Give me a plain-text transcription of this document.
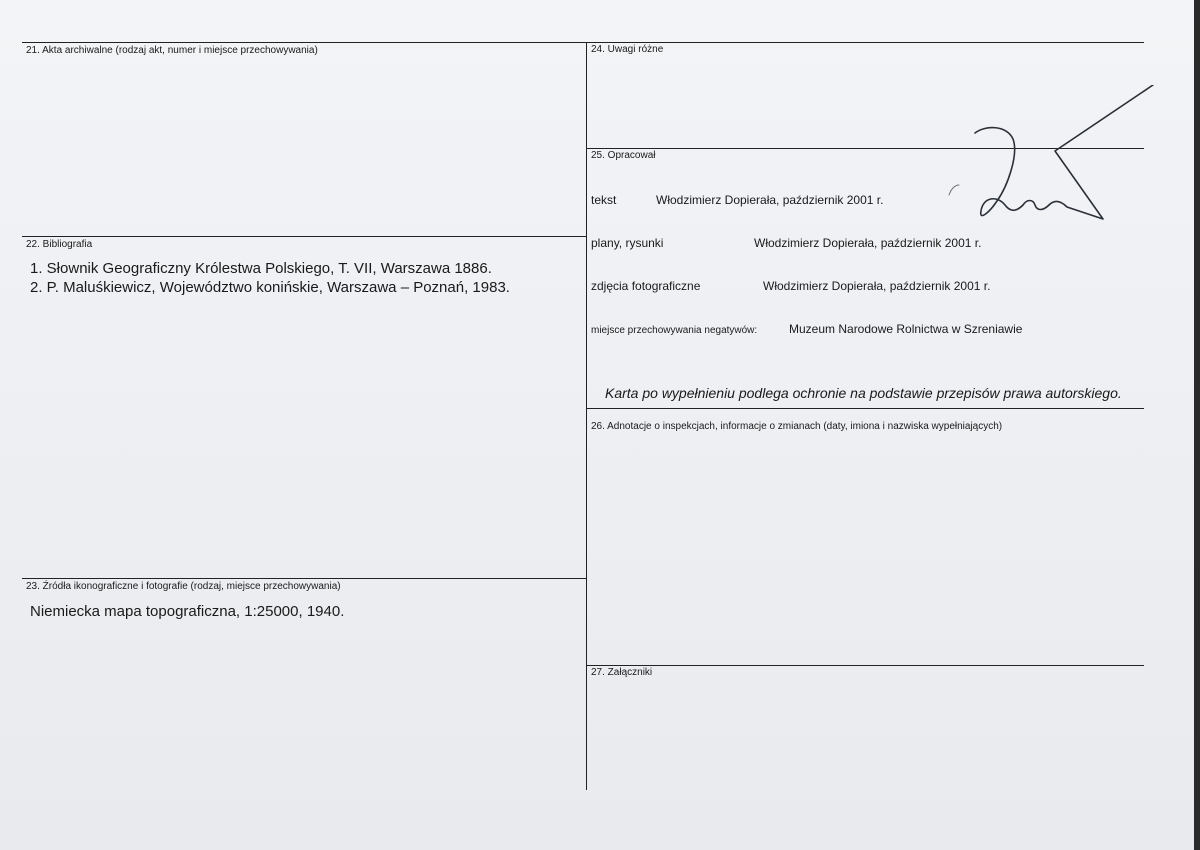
21. Akta archiwalne (rodzaj akt, numer i miejsce przechowywania)
22. Bibliografia
1. Słownik Geograficzny Królestwa Polskiego, T. VII, Warszawa 1886.
2. P. Maluśkiewicz, Województwo konińskie, Warszawa – Poznań, 1983.
23. Źródła ikonograficzne i fotografie (rodzaj, miejsce przechowywania)
Niemiecka mapa topograficzna, 1:25000, 1940.
24. Uwagi różne
25. Opracował
tekst	Włodzimierz Dopierała, październik 2001 r.
plany, rysunki	Włodzimierz Dopierała, październik 2001 r.
zdjęcia fotograficzne	Włodzimierz Dopierała, październik 2001 r.
miejsce przechowywania negatywów:	Muzeum Narodowe Rolnictwa w Szreniawie
Karta po wypełnieniu podlega ochronie na podstawie przepisów prawa autorskiego.
26. Adnotacje o inspekcjach, informacje o zmianach (daty, imiona i nazwiska wypełniających)
27. Załączniki
